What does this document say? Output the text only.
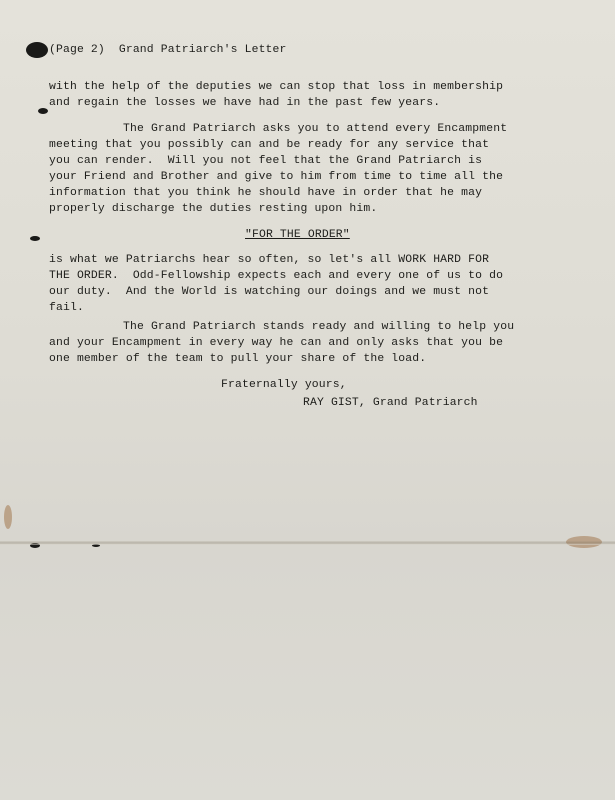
(Page 2)  Grand Patriarch's Letter
with the help of the deputies we can stop that loss in membership
and regain the losses we have had in the past few years.
The Grand Patriarch asks you to attend every Encampment
meeting that you possibly can and be ready for any service that
you can render.  Will you not feel that the Grand Patriarch is
your Friend and Brother and give to him from time to time all the
information that you think he should have in order that he may
properly discharge the duties resting upon him.
"FOR THE ORDER"
is what we Patriarchs hear so often, so let's all WORK HARD FOR
THE ORDER.  Odd-Fellowship expects each and every one of us to do
our duty.  And the World is watching our doings and we must not
fail.
The Grand Patriarch stands ready and willing to help you
and your Encampment in every way he can and only asks that you be
one member of the team to pull your share of the load.
Fraternally yours,
RAY GIST, Grand Patriarch
